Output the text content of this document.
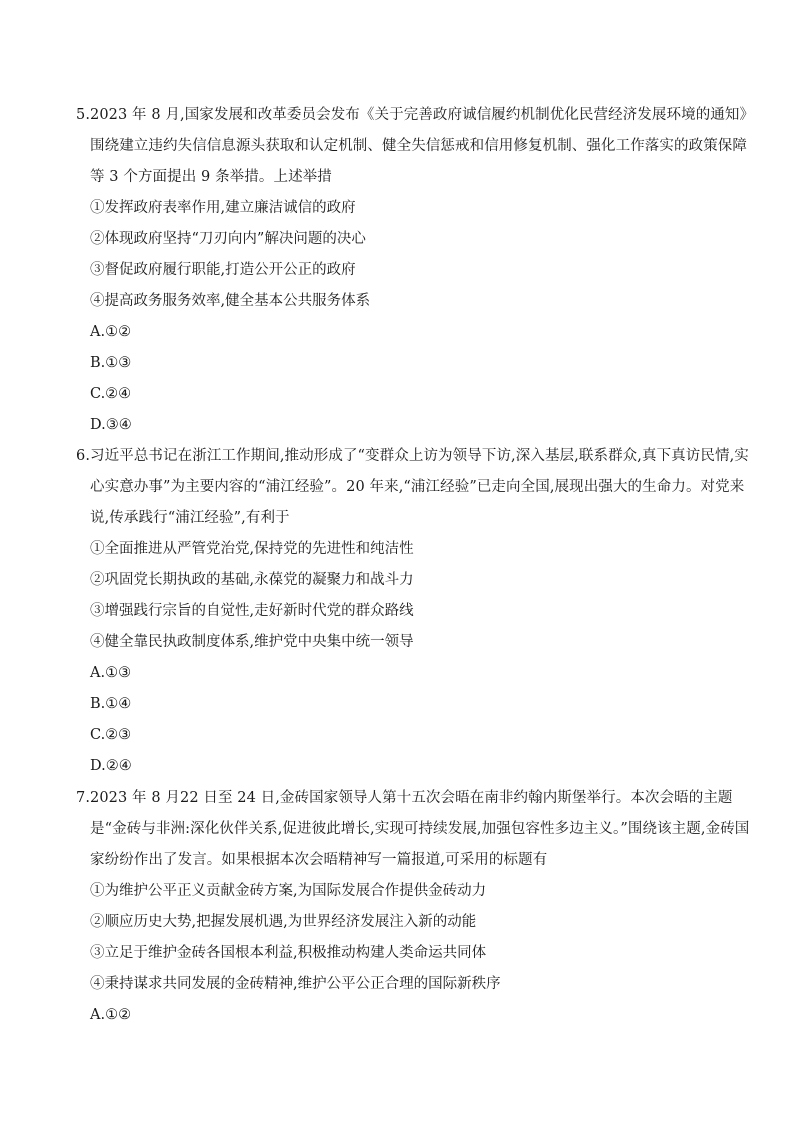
5.2023 年 8 月,国家发展和改革委员会发布《关于完善政府诚信履约机制优化民营经济发展环境的通知》围绕建立违约失信信息源头获取和认定机制、健全失信惩戒和信用修复机制、强化工作落实的政策保障等 3 个方面提出 9 条举措。上述举措

①发挥政府表率作用,建立廉洁诚信的政府

②体现政府坚持“刀刃向内”解决问题的决心

③督促政府履行职能,打造公开公正的政府

④提高政务服务效率,健全基本公共服务体系

A.①②

B.①③

C.②④

D.③④

6.习近平总书记在浙江工作期间,推动形成了“变群众上访为领导下访,深入基层,联系群众,真下真访民情,实心实意办事”为主要内容的“浦江经验”。20 年来,“浦江经验”已走向全国,展现出强大的生命力。对党来说,传承践行“浦江经验”,有利于

①全面推进从严管党治党,保持党的先进性和纯洁性

②巩固党长期执政的基础,永葆党的凝聚力和战斗力

③增强践行宗旨的自觉性,走好新时代党的群众路线

④健全靠民执政制度体系,维护党中央集中统一领导

A.①③

B.①④

C.②③

D.②④

7.2023 年 8 月22 日至 24 日,金砖国家领导人第十五次会晤在南非约翰内斯堡举行。本次会晤的主题是“金砖与非洲:深化伙伴关系,促进彼此增长,实现可持续发展,加强包容性多边主义。”围绕该主题,金砖国家纷纷作出了发言。如果根据本次会晤精神写一篇报道,可采用的标题有

①为维护公平正义贡献金砖方案,为国际发展合作提供金砖动力

②顺应历史大势,把握发展机遇,为世界经济发展注入新的动能

③立足于维护金砖各国根本利益,积极推动构建人类命运共同体

④秉持谋求共同发展的金砖精神,维护公平公正合理的国际新秩序

A.①②
